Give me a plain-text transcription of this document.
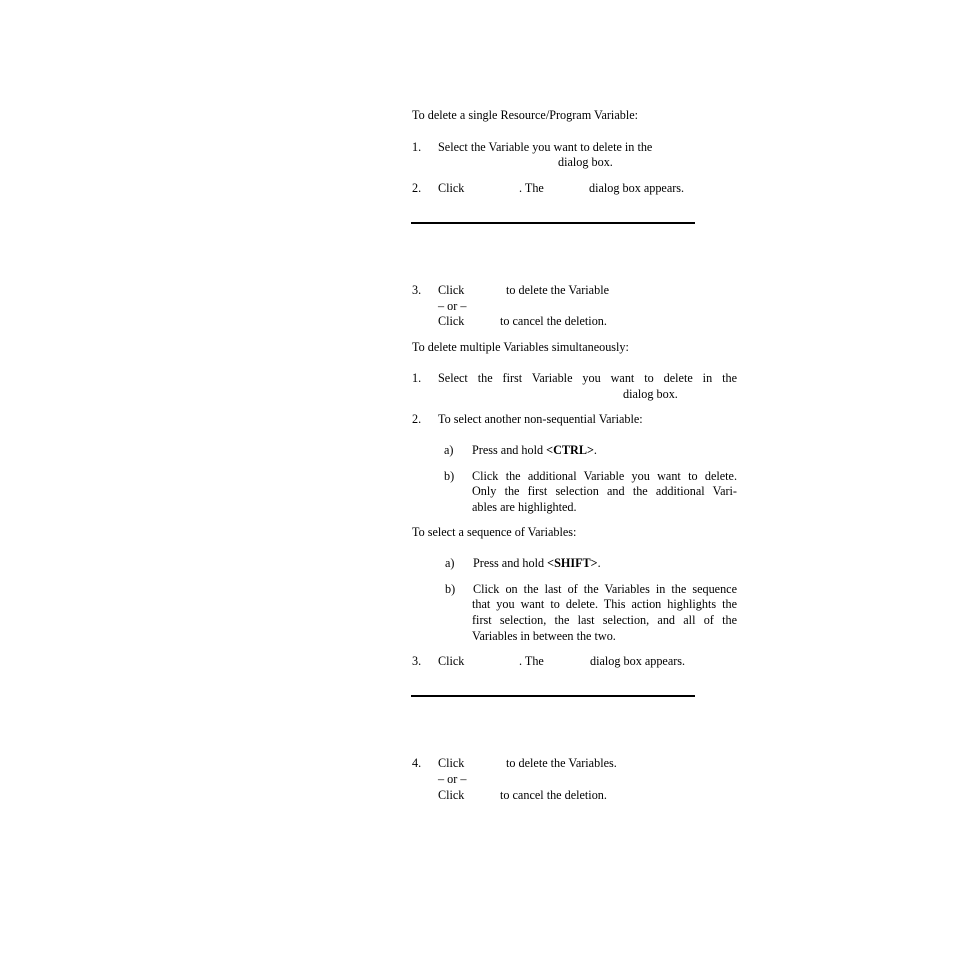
To delete a single Resource/Program Variable:
1. Select the Variable you want to delete in the
dialog box.
2. Click	. The	dialog box appears.
3. Click	to delete the Variable
– or –
Click	to cancel the deletion.
To delete multiple Variables simultaneously:
1. Select the first Variable you want to delete in the
dialog box.
2. To select another non-sequential Variable:
a) Press and hold <CTRL>.
b) Click the additional Variable you want to delete.
Only the first selection and the additional Vari-
ables are highlighted.
To select a sequence of Variables:
a) Press and hold <SHIFT>.
b) Click on the last of the Variables in the sequence
that you want to delete. This action highlights the
first selection, the last selection, and all of the
Variables in between the two.
3. Click	. The	dialog box appears.
4. Click	to delete the Variables.
– or –
Click	to cancel the deletion.
